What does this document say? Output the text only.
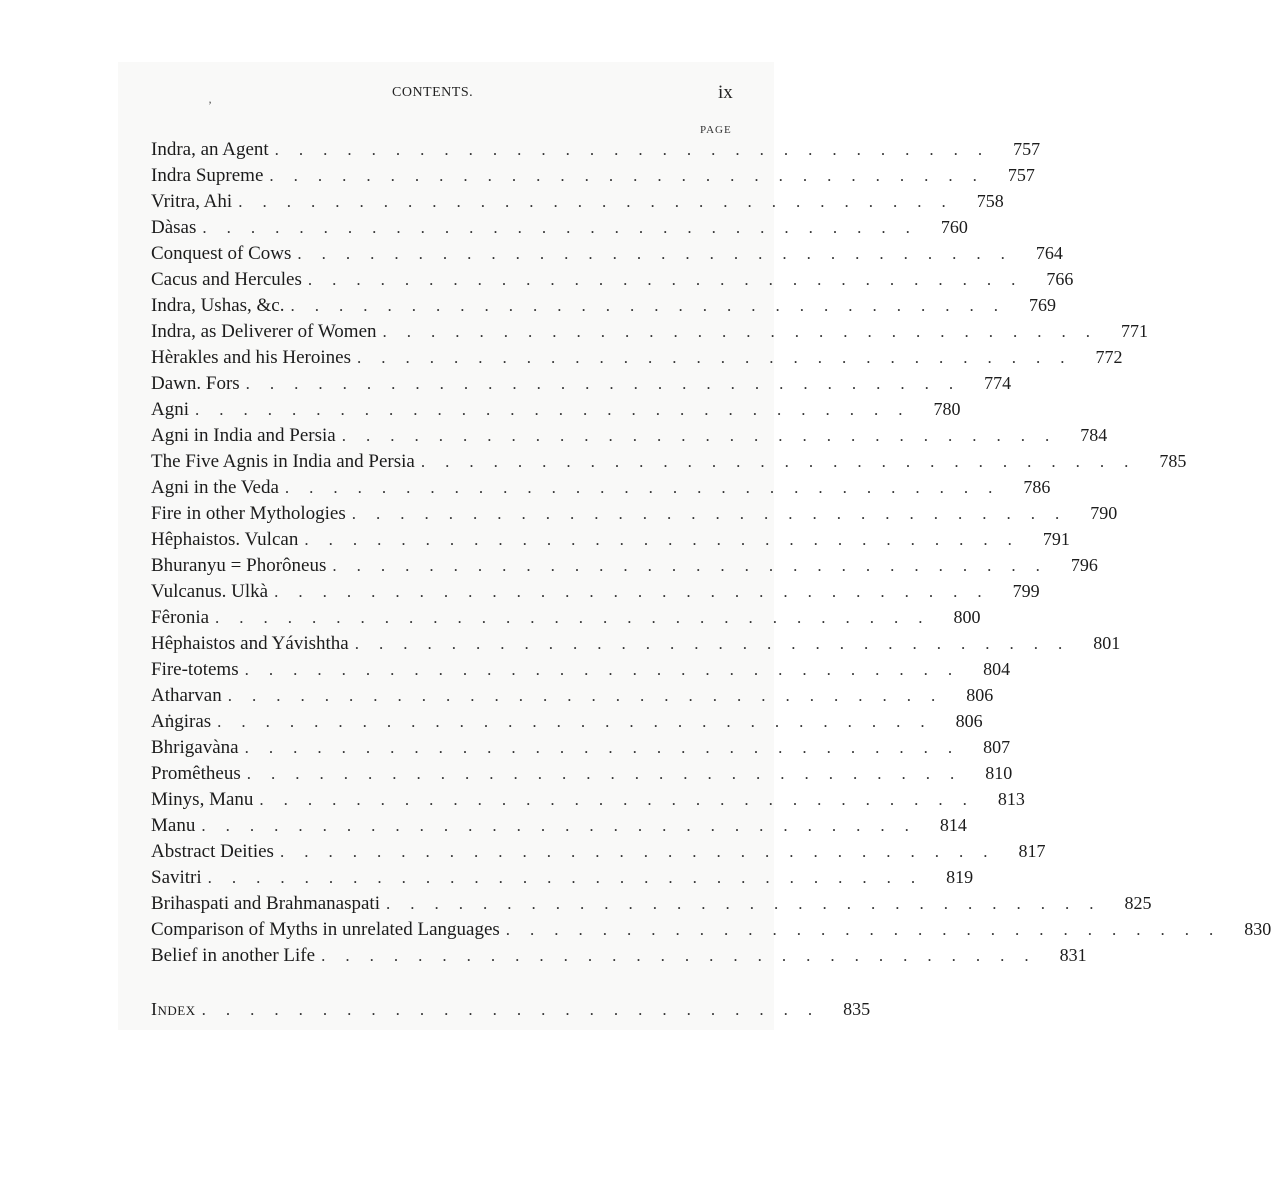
’
CONTENTS.	ix
PAGE
Indra, an Agent .............................. 757
Indra Supreme .............................. 757
Vritra, Ahi .............................. 758
Dàsas .............................. 760
Conquest of Cows .............................. 764
Cacus and Hercules .............................. 766
Indra, Ushas, &c. .............................. 769
Indra, as Deliverer of Women .............................. 771
Hèrakles and his Heroines .............................. 772
Dawn. Fors .............................. 774
Agni .............................. 780
Agni in India and Persia .............................. 784
The Five Agnis in India and Persia .............................. 785
Agni in the Veda .............................. 786
Fire in other Mythologies .............................. 790
Hêphaistos. Vulcan .............................. 791
Bhuranyu = Phorôneus .............................. 796
Vulcanus. Ulkà .............................. 799
Fêronia .............................. 800
Hêphaistos and Yávishtha .............................. 801
Fire-totems .............................. 804
Atharvan .............................. 806
Aṅgiras .............................. 806
Bhrigavàna .............................. 807
Promêtheus .............................. 810
Minys, Manu .............................. 813
Manu .............................. 814
Abstract Deities .............................. 817
Savitri .............................. 819
Brihaspati and Brahmanaspati .............................. 825
Comparison of Myths in unrelated Languages .............................. 830
Belief in another Life .............................. 831
Index .......................... 835
